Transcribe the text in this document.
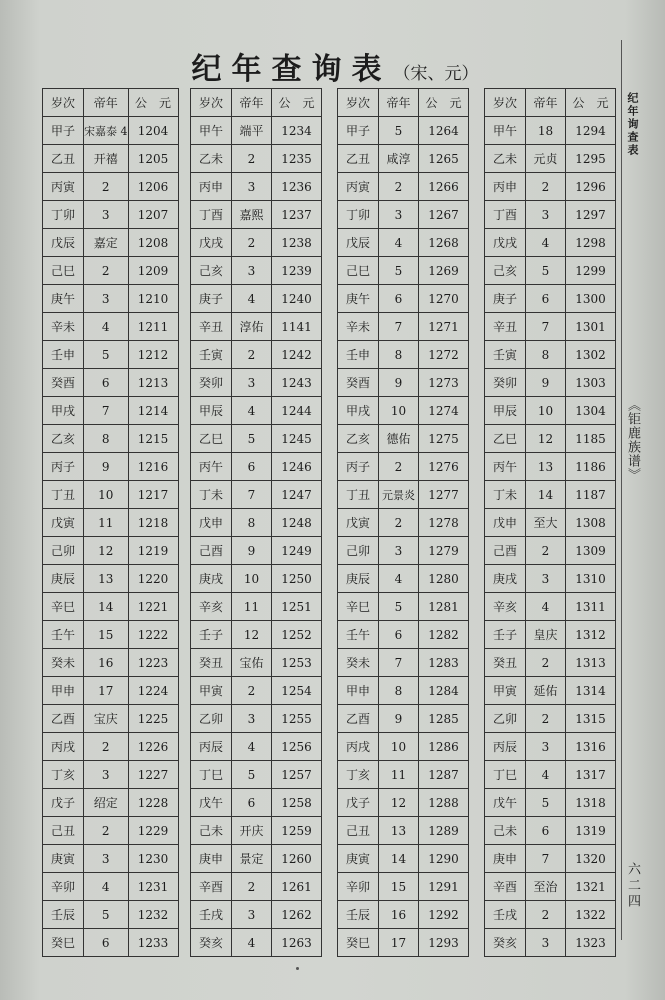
纪年查询表 （宋、元）
纪年询查表
《钜鹿族谱》
六二四
岁次	帝年	公　元
甲子	宋嘉泰 4	1204
乙丑	开禧	1205
丙寅	2	1206
丁卯	3	1207
戊辰	嘉定	1208
己巳	2	1209
庚午	3	1210
辛未	4	1211
壬申	5	1212
癸酉	6	1213
甲戌	7	1214
乙亥	8	1215
丙子	9	1216
丁丑	10	1217
戊寅	11	1218
己卯	12	1219
庚辰	13	1220
辛巳	14	1221
壬午	15	1222
癸未	16	1223
甲申	17	1224
乙酉	宝庆	1225
丙戌	2	1226
丁亥	3	1227
戊子	绍定	1228
己丑	2	1229
庚寅	3	1230
辛卯	4	1231
壬辰	5	1232
癸巳	6	1233
岁次	帝年	公　元
甲午	端平	1234
乙未	2	1235
丙申	3	1236
丁酉	嘉熙	1237
戊戌	2	1238
己亥	3	1239
庚子	4	1240
辛丑	淳佑	1141
壬寅	2	1242
癸卯	3	1243
甲辰	4	1244
乙巳	5	1245
丙午	6	1246
丁未	7	1247
戊申	8	1248
己酉	9	1249
庚戌	10	1250
辛亥	11	1251
壬子	12	1252
癸丑	宝佑	1253
甲寅	2	1254
乙卯	3	1255
丙辰	4	1256
丁巳	5	1257
戊午	6	1258
己未	开庆	1259
庚申	景定	1260
辛酉	2	1261
壬戌	3	1262
癸亥	4	1263
岁次	帝年	公　元
甲子	5	1264
乙丑	咸淳	1265
丙寅	2	1266
丁卯	3	1267
戊辰	4	1268
己巳	5	1269
庚午	6	1270
辛未	7	1271
壬申	8	1272
癸酉	9	1273
甲戌	10	1274
乙亥	德佑	1275
丙子	2	1276
丁丑	元景炎	1277
戊寅	2	1278
己卯	3	1279
庚辰	4	1280
辛巳	5	1281
壬午	6	1282
癸未	7	1283
甲申	8	1284
乙酉	9	1285
丙戌	10	1286
丁亥	11	1287
戊子	12	1288
己丑	13	1289
庚寅	14	1290
辛卯	15	1291
壬辰	16	1292
癸巳	17	1293
岁次	帝年	公　元
甲午	18	1294
乙未	元贞	1295
丙申	2	1296
丁酉	3	1297
戊戌	4	1298
己亥	5	1299
庚子	6	1300
辛丑	7	1301
壬寅	8	1302
癸卯	9	1303
甲辰	10	1304
乙巳	12	1185
丙午	13	1186
丁未	14	1187
戊申	至大	1308
己酉	2	1309
庚戌	3	1310
辛亥	4	1311
壬子	皇庆	1312
癸丑	2	1313
甲寅	延佑	1314
乙卯	2	1315
丙辰	3	1316
丁巳	4	1317
戊午	5	1318
己未	6	1319
庚申	7	1320
辛酉	至治	1321
壬戌	2	1322
癸亥	3	1323
